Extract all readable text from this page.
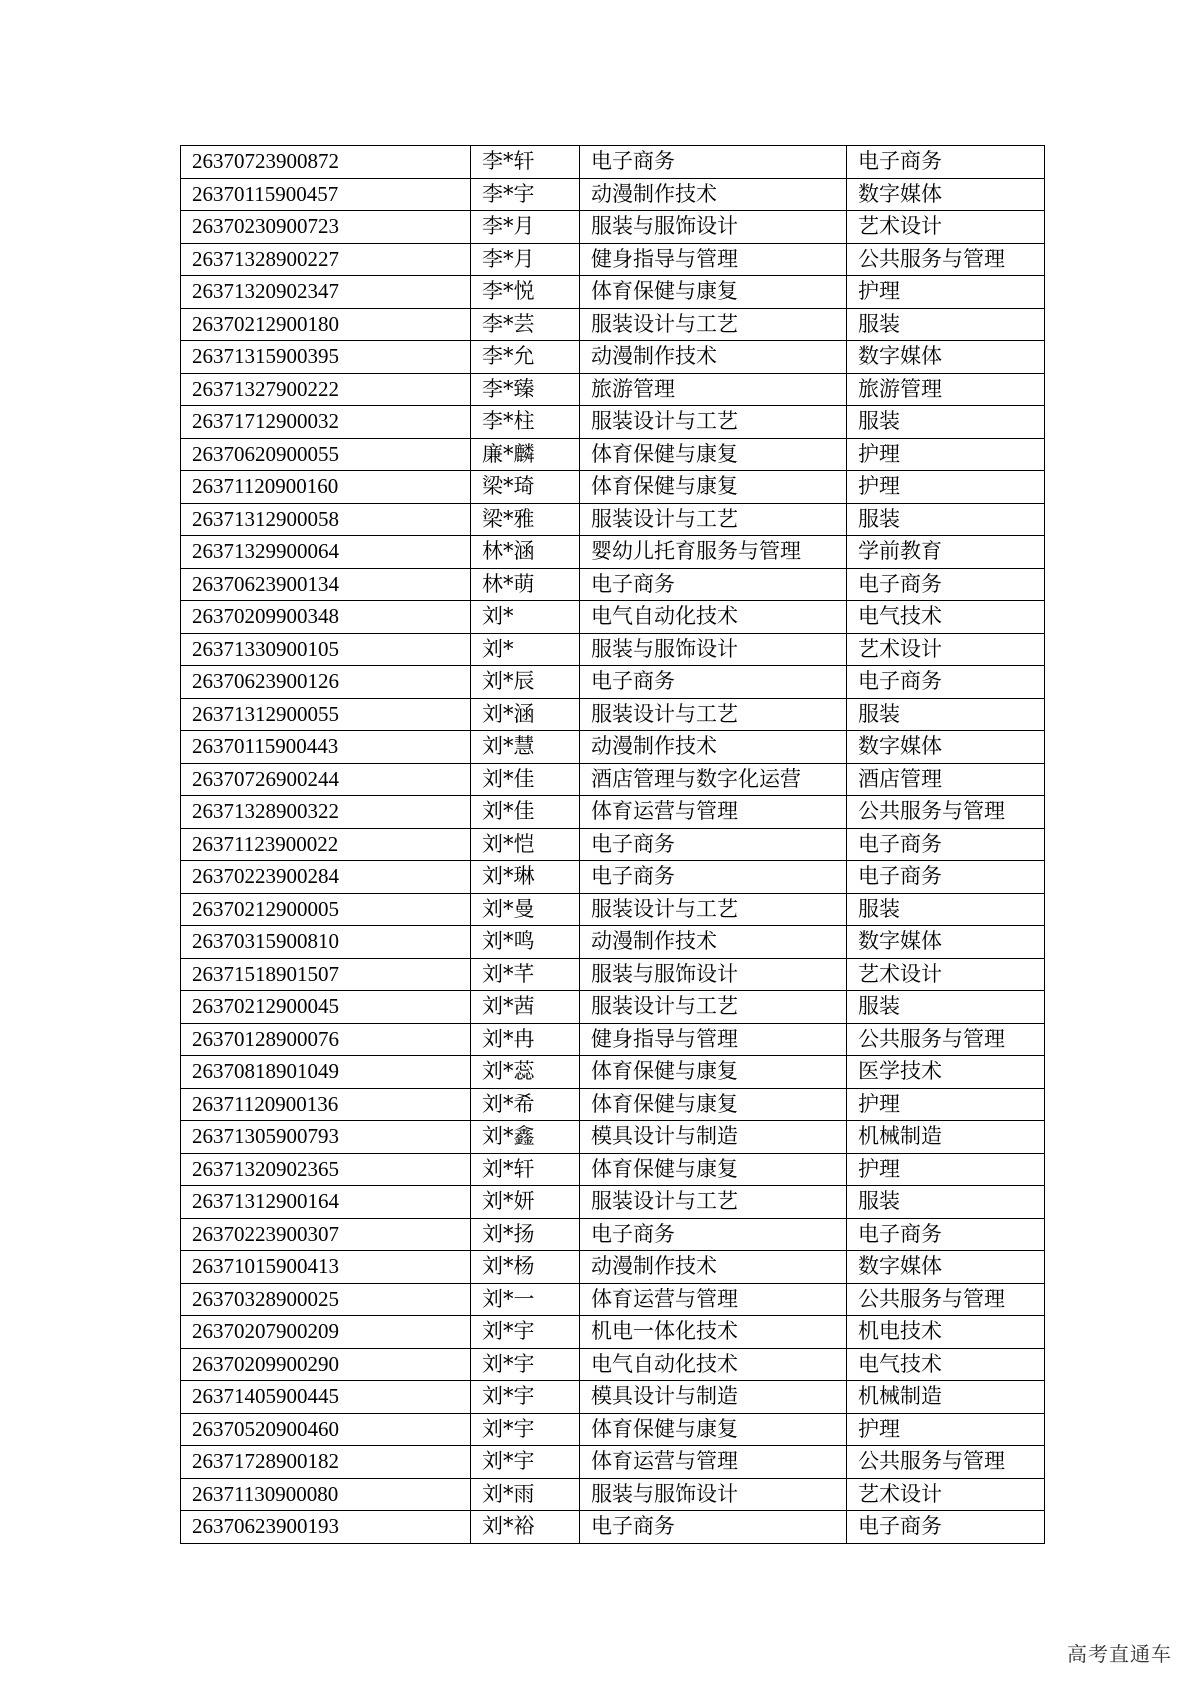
26370723900872	李*轩	电子商务	电子商务
26370115900457	李*宇	动漫制作技术	数字媒体
26370230900723	李*月	服装与服饰设计	艺术设计
26371328900227	李*月	健身指导与管理	公共服务与管理
26371320902347	李*悦	体育保健与康复	护理
26370212900180	李*芸	服装设计与工艺	服装
26371315900395	李*允	动漫制作技术	数字媒体
26371327900222	李*臻	旅游管理	旅游管理
26371712900032	李*柱	服装设计与工艺	服装
26370620900055	廉*麟	体育保健与康复	护理
26371120900160	梁*琦	体育保健与康复	护理
26371312900058	梁*雅	服装设计与工艺	服装
26371329900064	林*涵	婴幼儿托育服务与管理	学前教育
26370623900134	林*萌	电子商务	电子商务
26370209900348	刘*	电气自动化技术	电气技术
26371330900105	刘*	服装与服饰设计	艺术设计
26370623900126	刘*辰	电子商务	电子商务
26371312900055	刘*涵	服装设计与工艺	服装
26370115900443	刘*慧	动漫制作技术	数字媒体
26370726900244	刘*佳	酒店管理与数字化运营	酒店管理
26371328900322	刘*佳	体育运营与管理	公共服务与管理
26371123900022	刘*恺	电子商务	电子商务
26370223900284	刘*琳	电子商务	电子商务
26370212900005	刘*曼	服装设计与工艺	服装
26370315900810	刘*鸣	动漫制作技术	数字媒体
26371518901507	刘*芊	服装与服饰设计	艺术设计
26370212900045	刘*茜	服装设计与工艺	服装
26370128900076	刘*冉	健身指导与管理	公共服务与管理
26370818901049	刘*蕊	体育保健与康复	医学技术
26371120900136	刘*希	体育保健与康复	护理
26371305900793	刘*鑫	模具设计与制造	机械制造
26371320902365	刘*轩	体育保健与康复	护理
26371312900164	刘*妍	服装设计与工艺	服装
26370223900307	刘*扬	电子商务	电子商务
26371015900413	刘*杨	动漫制作技术	数字媒体
26370328900025	刘*一	体育运营与管理	公共服务与管理
26370207900209	刘*宇	机电一体化技术	机电技术
26370209900290	刘*宇	电气自动化技术	电气技术
26371405900445	刘*宇	模具设计与制造	机械制造
26370520900460	刘*宇	体育保健与康复	护理
26371728900182	刘*宇	体育运营与管理	公共服务与管理
26371130900080	刘*雨	服装与服饰设计	艺术设计
26370623900193	刘*裕	电子商务	电子商务
高考直通车
